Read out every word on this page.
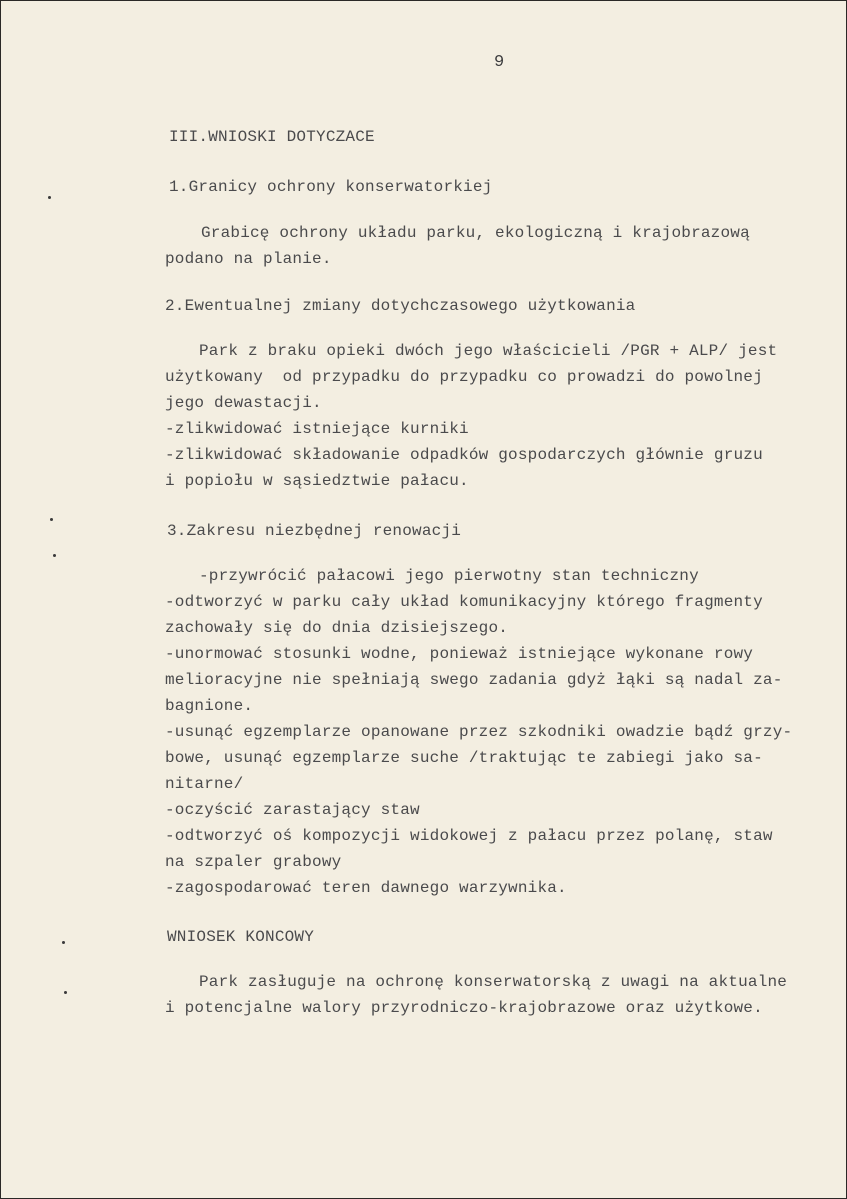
9
III.WNIOSKI DOTYCZACE
1.Granicy ochrony konserwatorkiej
Grabicę ochrony układu parku, ekologiczną i krajobrazową
podano na planie.
2.Ewentualnej zmiany dotychczasowego użytkowania
Park z braku opieki dwóch jego właścicieli /PGR + ALP/ jest
użytkowany  od przypadku do przypadku co prowadzi do powolnej
jego dewastacji.
-zlikwidować istniejące kurniki
-zlikwidować składowanie odpadków gospodarczych głównie gruzu
i popiołu w sąsiedztwie pałacu.
3.Zakresu niezbędnej renowacji
-przywrócić pałacowi jego pierwotny stan techniczny
-odtworzyć w parku cały układ komunikacyjny którego fragmenty
zachowały się do dnia dzisiejszego.
-unormować stosunki wodne, ponieważ istniejące wykonane rowy
melioracyjne nie spełniają swego zadania gdyż łąki są nadal za-
bagnione.
-usunąć egzemplarze opanowane przez szkodniki owadzie bądź grzy-
bowe, usunąć egzemplarze suche /traktując te zabiegi jako sa-
nitarne/
-oczyścić zarastający staw
-odtworzyć oś kompozycji widokowej z pałacu przez polanę, staw
na szpaler grabowy
-zagospodarować teren dawnego warzywnika.
WNIOSEK KONCOWY
Park zasługuje na ochronę konserwatorską z uwagi na aktualne
i potencjalne walory przyrodniczo-krajobrazowe oraz użytkowe.
